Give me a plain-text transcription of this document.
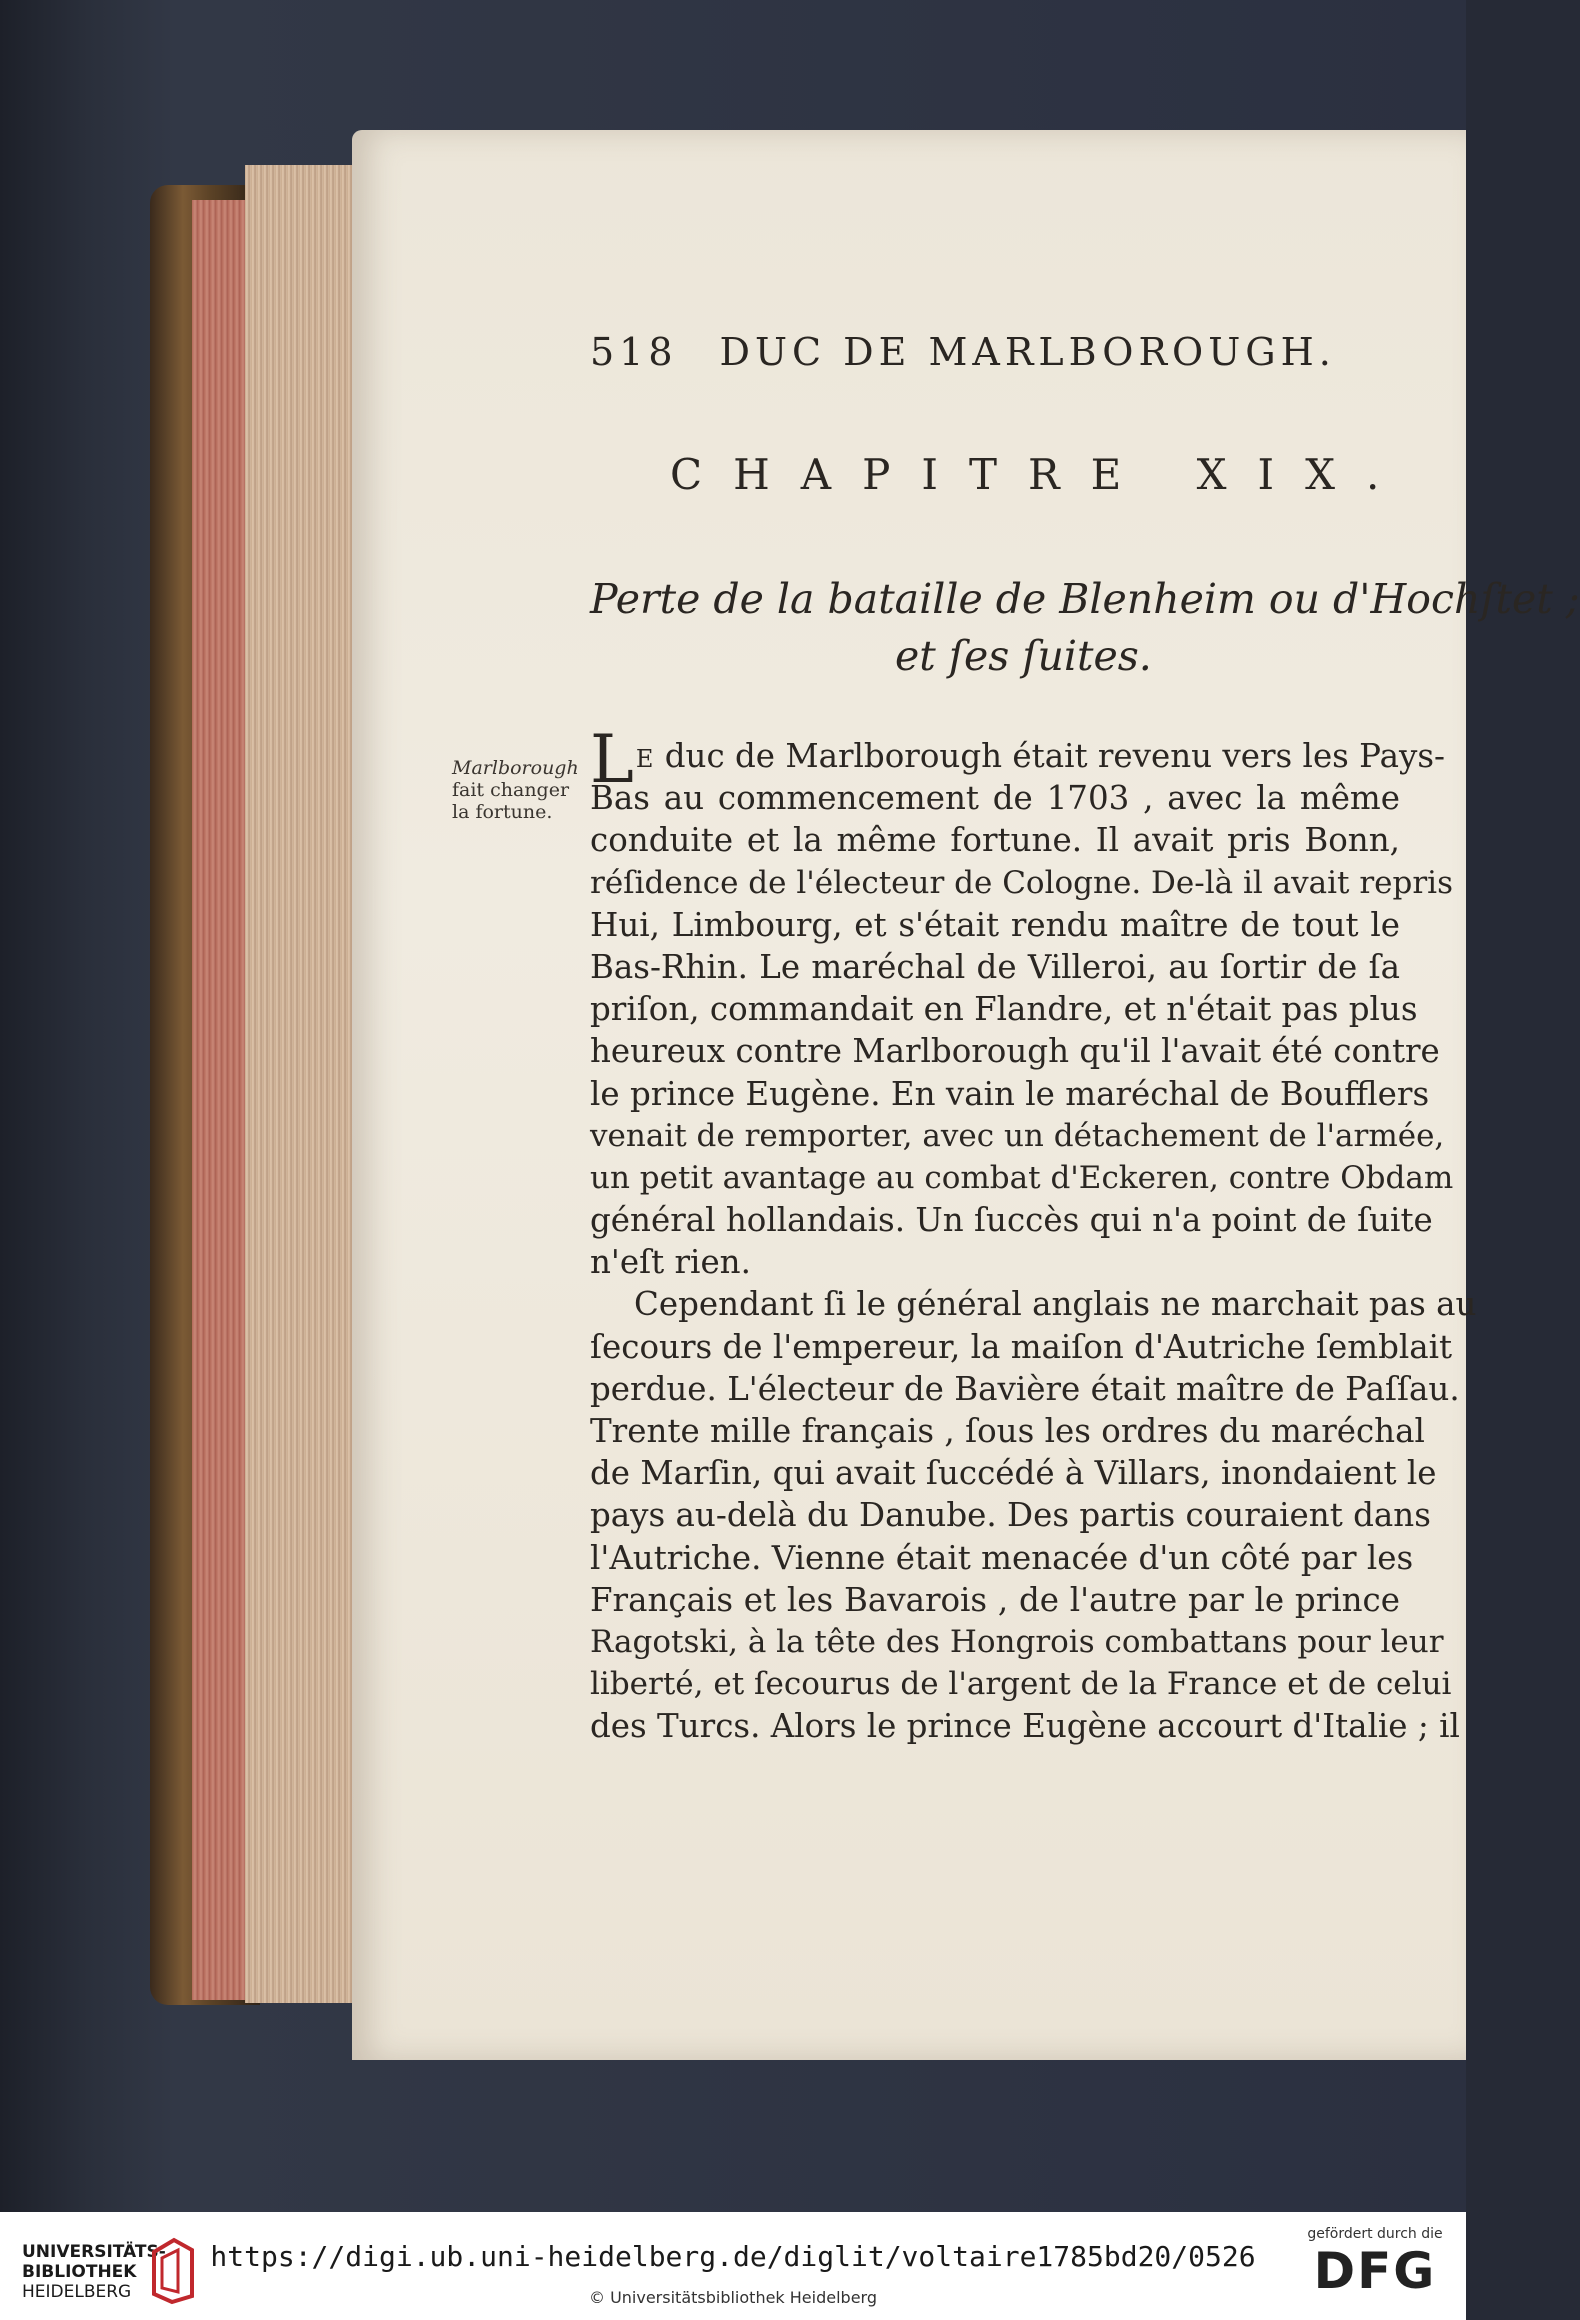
518 DUC DE MARLBOROUGH.
CHAPITRE XIX.
Perte de la bataille de Blenheim ou d'Hochſtet ;
et ſes ſuites.
Marlborough
fait changer
la fortune.
LE duc de Marlborough était revenu vers les Pays-
Bas au commencement de 1703 , avec la même
conduite et la même fortune. Il avait pris Bonn,
réſidence de l'électeur de Cologne. De-là il avait repris
Hui, Limbourg, et s'était rendu maître de tout le
Bas-Rhin. Le maréchal de Villeroi, au ſortir de ſa
priſon, commandait en Flandre, et n'était pas plus
heureux contre Marlborough qu'il l'avait été contre
le prince Eugène. En vain le maréchal de Boufflers
venait de remporter, avec un détachement de l'armée,
un petit avantage au combat d'Eckeren, contre Obdam
général hollandais. Un ſuccès qui n'a point de ſuite
n'eſt rien.
Cependant ſi le général anglais ne marchait pas au
ſecours de l'empereur, la maiſon d'Autriche ſemblait
perdue. L'électeur de Bavière était maître de Paſſau.
Trente mille français , ſous les ordres du maréchal
de Marſin, qui avait ſuccédé à Villars, inondaient le
pays au-delà du Danube. Des partis couraient dans
l'Autriche. Vienne était menacée d'un côté par les
Français et les Bavarois , de l'autre par le prince
Ragotski, à la tête des Hongrois combattans pour leur
liberté, et ſecourus de l'argent de la France et de celui
des Turcs. Alors le prince Eugène accourt d'Italie ; il
UNIVERSITÄTS-
BIBLIOTHEK
HEIDELBERG
https://digi.ub.uni-heidelberg.de/diglit/voltaire1785bd20/0526
© Universitätsbibliothek Heidelberg
gefördert durch die
DFG
